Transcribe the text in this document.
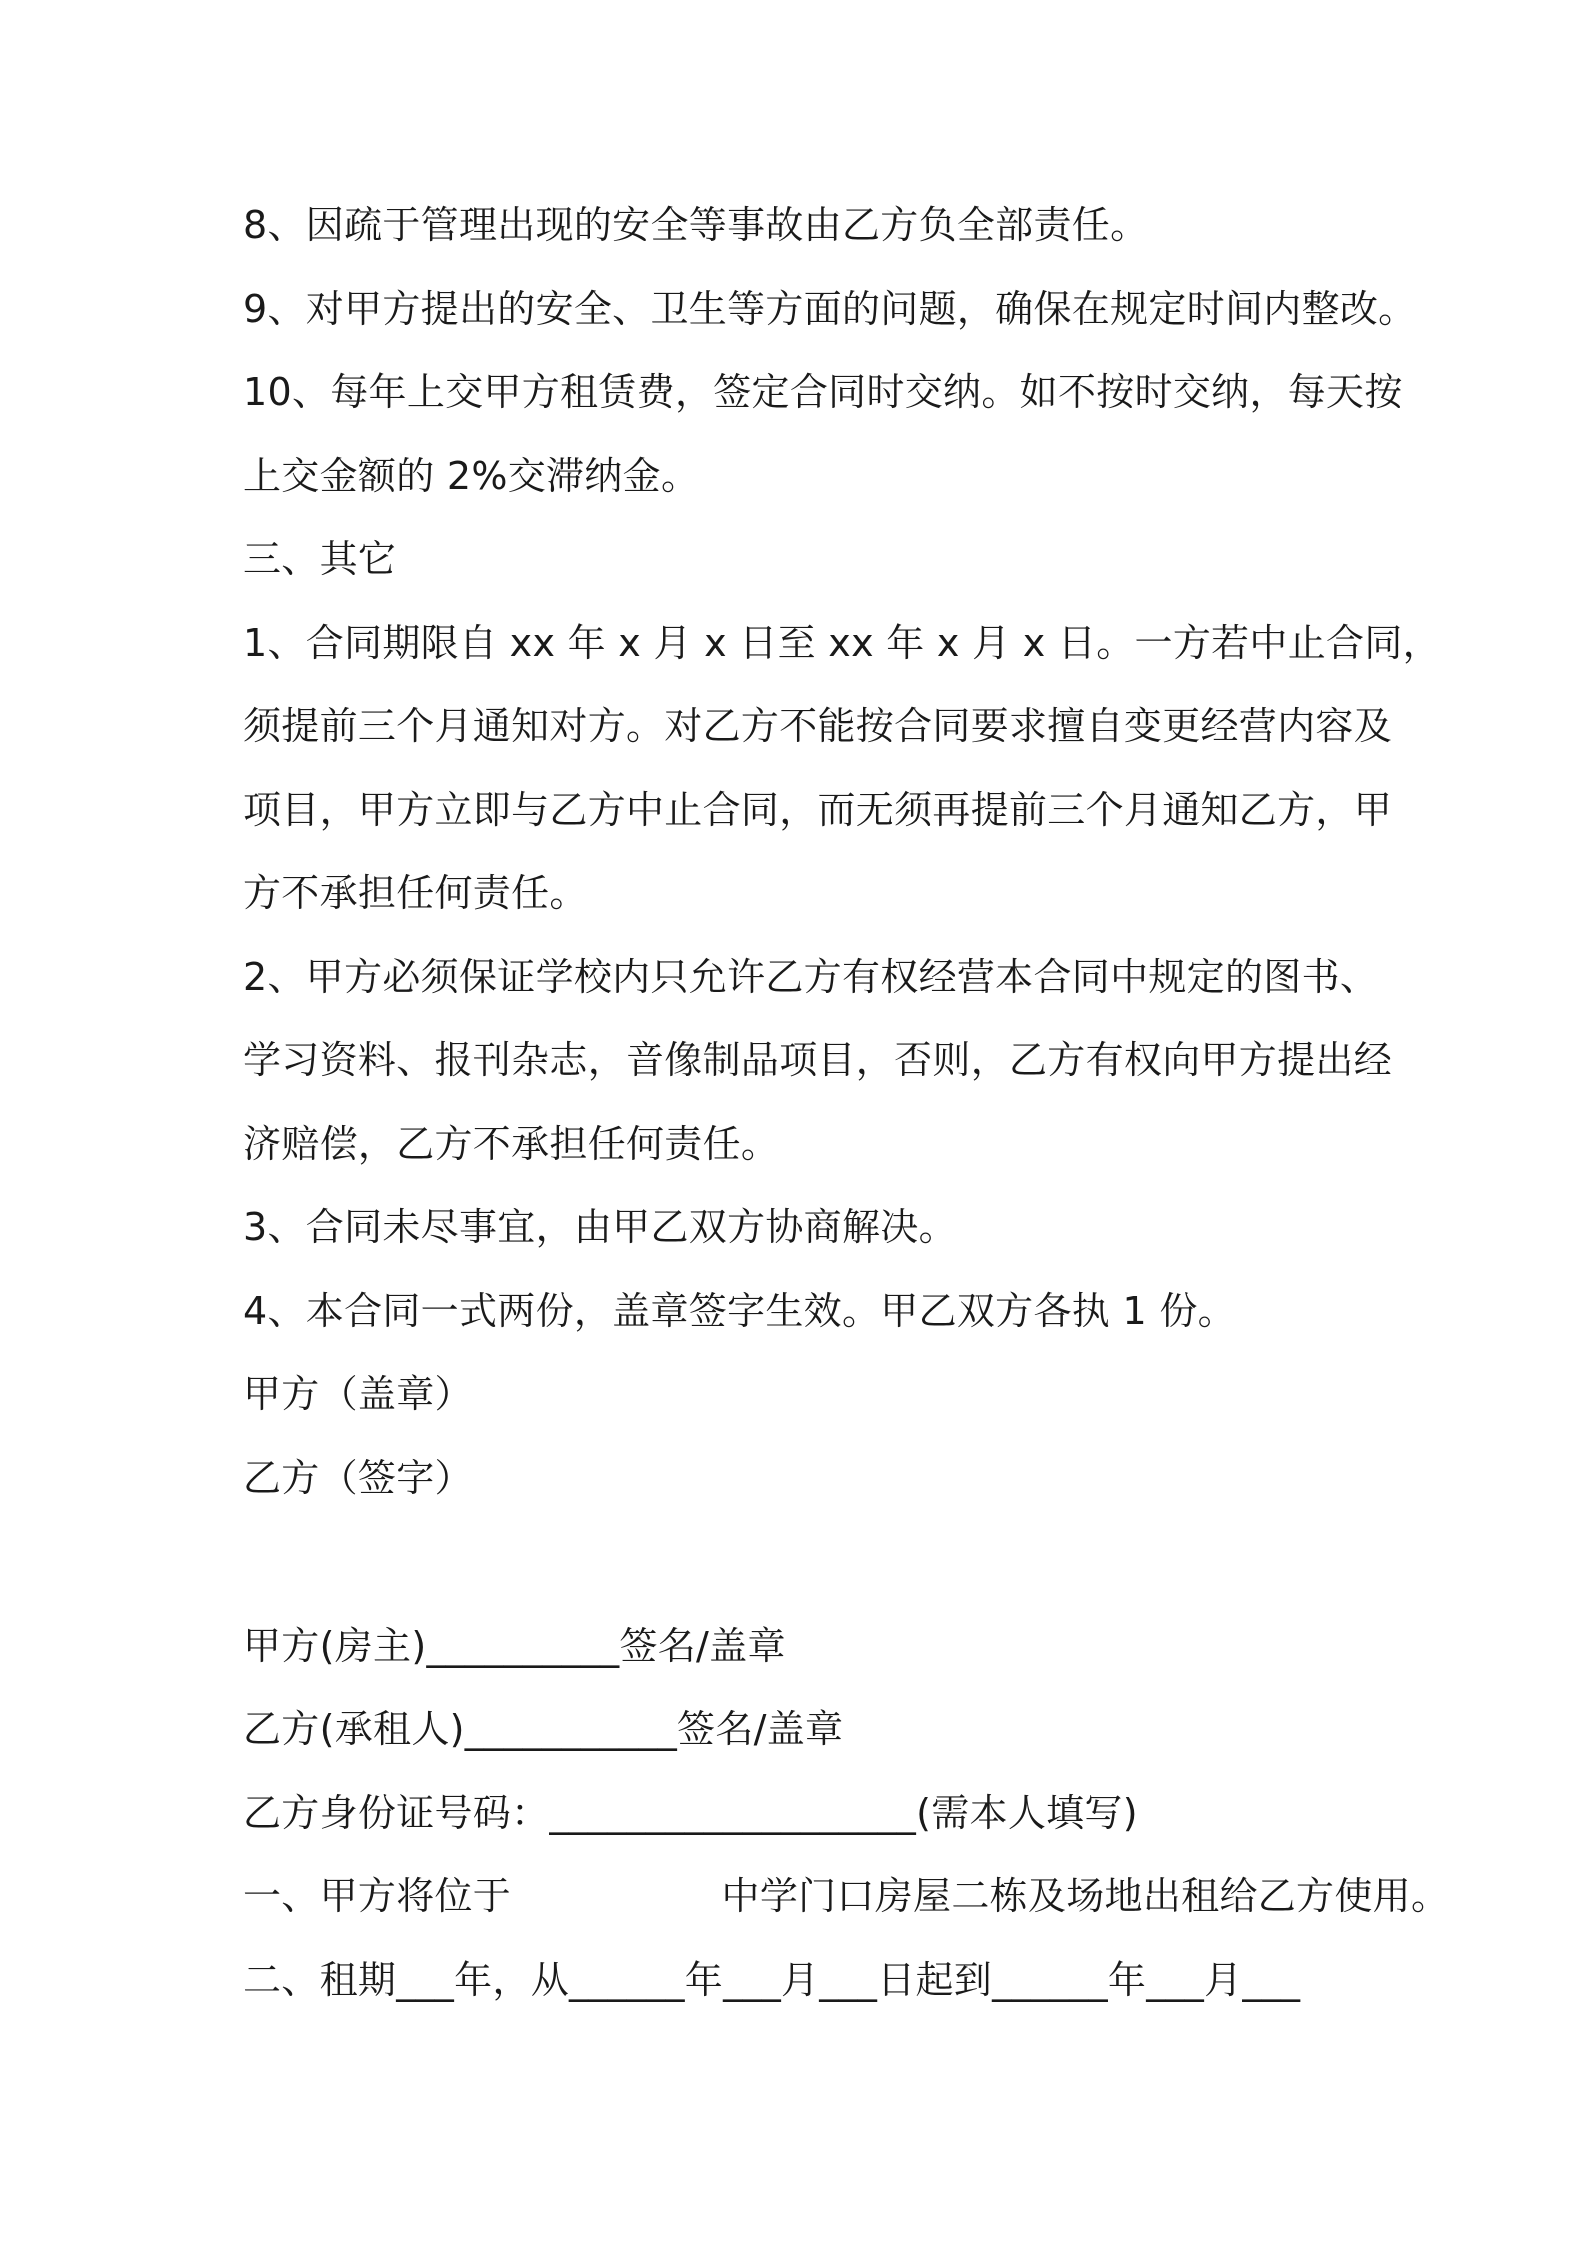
8、因疏于管理出现的安全等事故由乙方负全部责任。
9、对甲方提出的安全、卫生等方面的问题，确保在规定时间内整改。
10、每年上交甲方租赁费，签定合同时交纳。如不按时交纳，每天按
上交金额的 2%交滞纳金。
三、其它
1、合同期限自 xx 年 x 月 x 日至 xx 年 x 月 x 日。一方若中止合同，
须提前三个月通知对方。对乙方不能按合同要求擅自变更经营内容及
项目，甲方立即与乙方中止合同，而无须再提前三个月通知乙方，甲
方不承担任何责任。
2、甲方必须保证学校内只允许乙方有权经营本合同中规定的图书、
学习资料、报刊杂志，音像制品项目，否则，乙方有权向甲方提出经
济赔偿，乙方不承担任何责任。
3、合同未尽事宜，由甲乙双方协商解决。
4、本合同一式两份，盖章签字生效。甲乙双方各执 1 份。
甲方（盖章）
乙方（签字）
甲方(房主)__________签名/盖章
乙方(承租人)___________签名/盖章
乙方身份证号码：___________________(需本人填写)
一、甲方将位于                 中学门口房屋二栋及场地出租给乙方使用。
二、租期___年，从______年___月___日起到______年___月___
